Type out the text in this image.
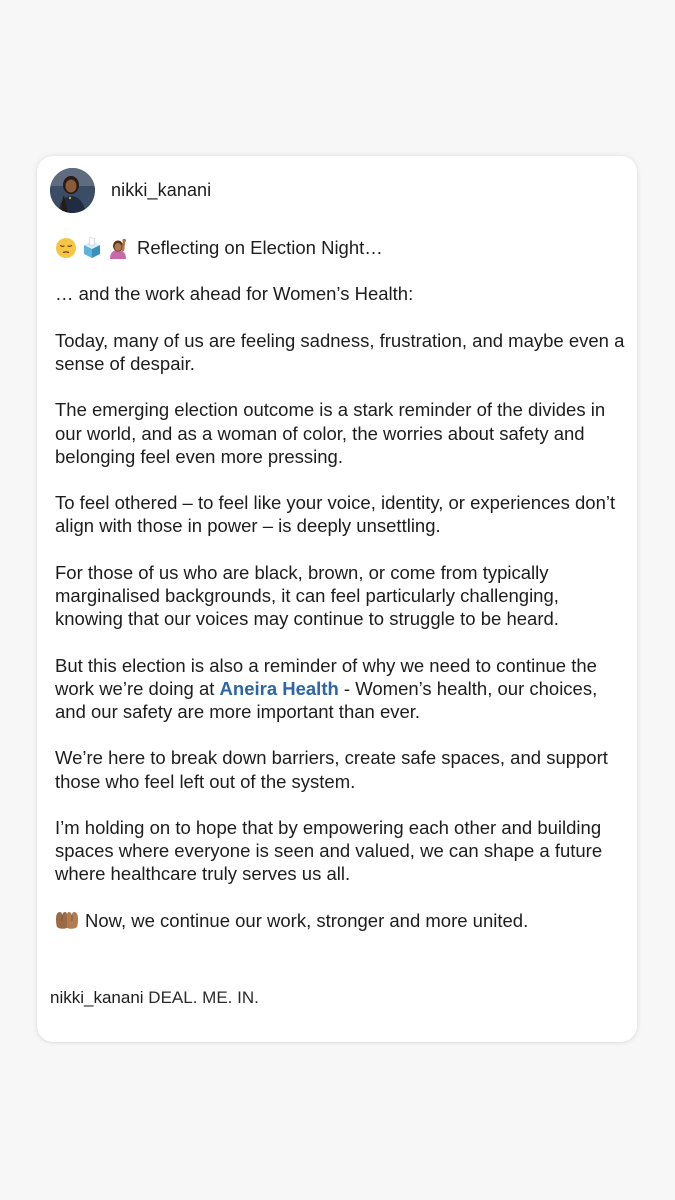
nikki_kanani
Reflecting on Election Night…

… and the work ahead for Women’s Health:

Today, many of us are feeling sadness, frustration, and maybe even a sense of despair.

The emerging election outcome is a stark reminder of the divides in our world, and as a woman of color, the worries about safety and belonging feel even more pressing.

To feel othered – to feel like your voice, identity, or experiences don’t align with those in power – is deeply unsettling.

For those of us who are black, brown, or come from typically marginalised backgrounds, it can feel particularly challenging, knowing that our voices may continue to struggle to be heard.

But this election is also a reminder of why we need to continue the work we’re doing at Aneira Health - Women’s health, our choices, and our safety are more important than ever.

We’re here to break down barriers, create safe spaces, and support those who feel left out of the system.

I’m holding on to hope that by empowering each other and building spaces where everyone is seen and valued, we can shape a future where healthcare truly serves us all.

Now, we continue our work, stronger and more united.
nikki_kanani DEAL. ME. IN.
